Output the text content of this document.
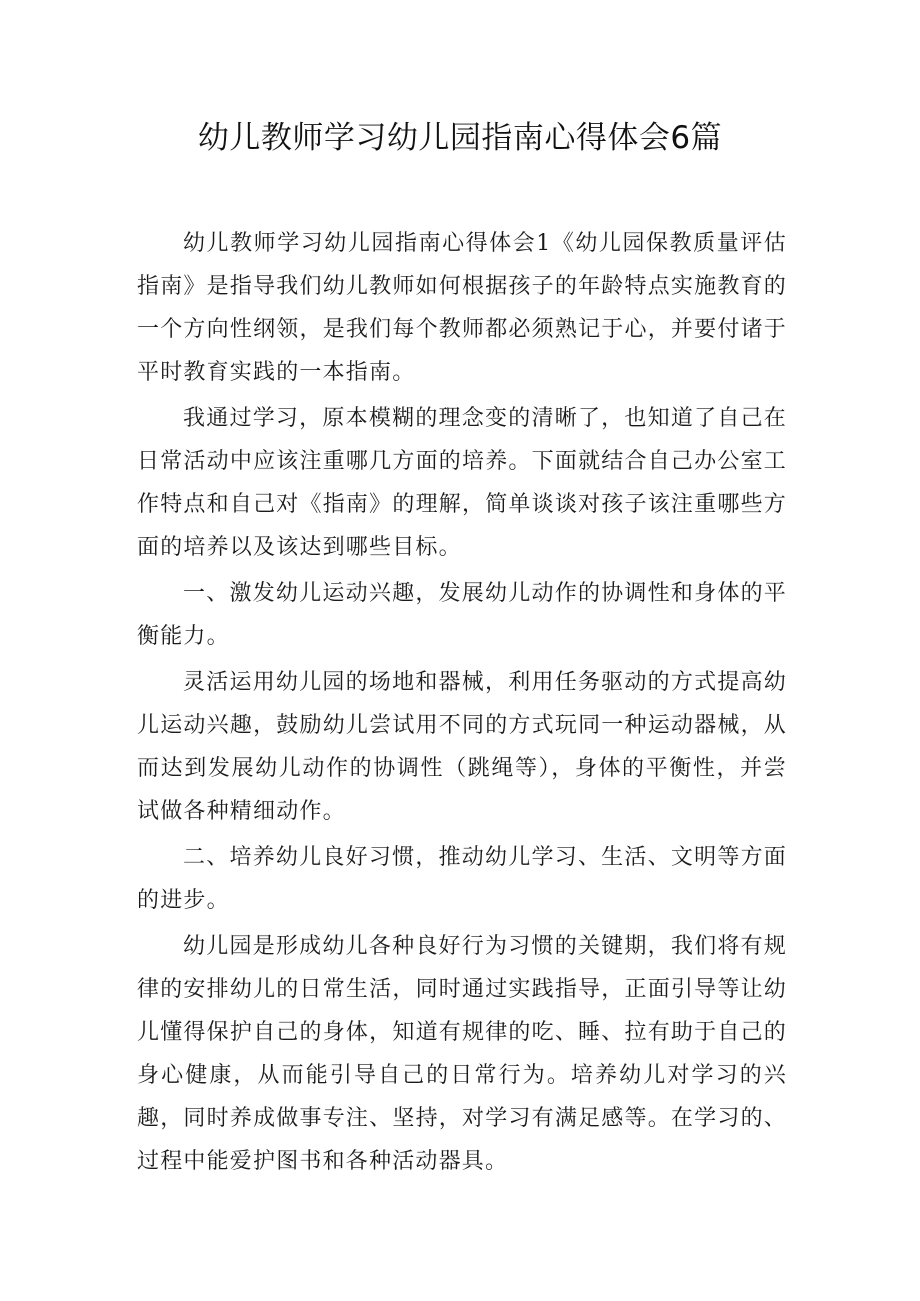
幼儿教师学习幼儿园指南心得体会6篇

幼儿教师学习幼儿园指南心得体会1《幼儿园保教质量评估指南》是指导我们幼儿教师如何根据孩子的年龄特点实施教育的一个方向性纲领，是我们每个教师都必须熟记于心，并要付诸于平时教育实践的一本指南。

我通过学习，原本模糊的理念变的清晰了，也知道了自己在日常活动中应该注重哪几方面的培养。下面就结合自己办公室工作特点和自己对《指南》的理解，简单谈谈对孩子该注重哪些方面的培养以及该达到哪些目标。

一、激发幼儿运动兴趣，发展幼儿动作的协调性和身体的平衡能力。

灵活运用幼儿园的场地和器械，利用任务驱动的方式提高幼儿运动兴趣，鼓励幼儿尝试用不同的方式玩同一种运动器械，从而达到发展幼儿动作的协调性（跳绳等），身体的平衡性，并尝试做各种精细动作。

二、培养幼儿良好习惯，推动幼儿学习、生活、文明等方面的进步。

幼儿园是形成幼儿各种良好行为习惯的关键期，我们将有规律的安排幼儿的日常生活，同时通过实践指导，正面引导等让幼儿懂得保护自己的身体，知道有规律的吃、睡、拉有助于自己的身心健康，从而能引导自己的日常行为。培养幼儿对学习的兴趣，同时养成做事专注、坚持，对学习有满足感等。在学习的、过程中能爱护图书和各种活动器具。
